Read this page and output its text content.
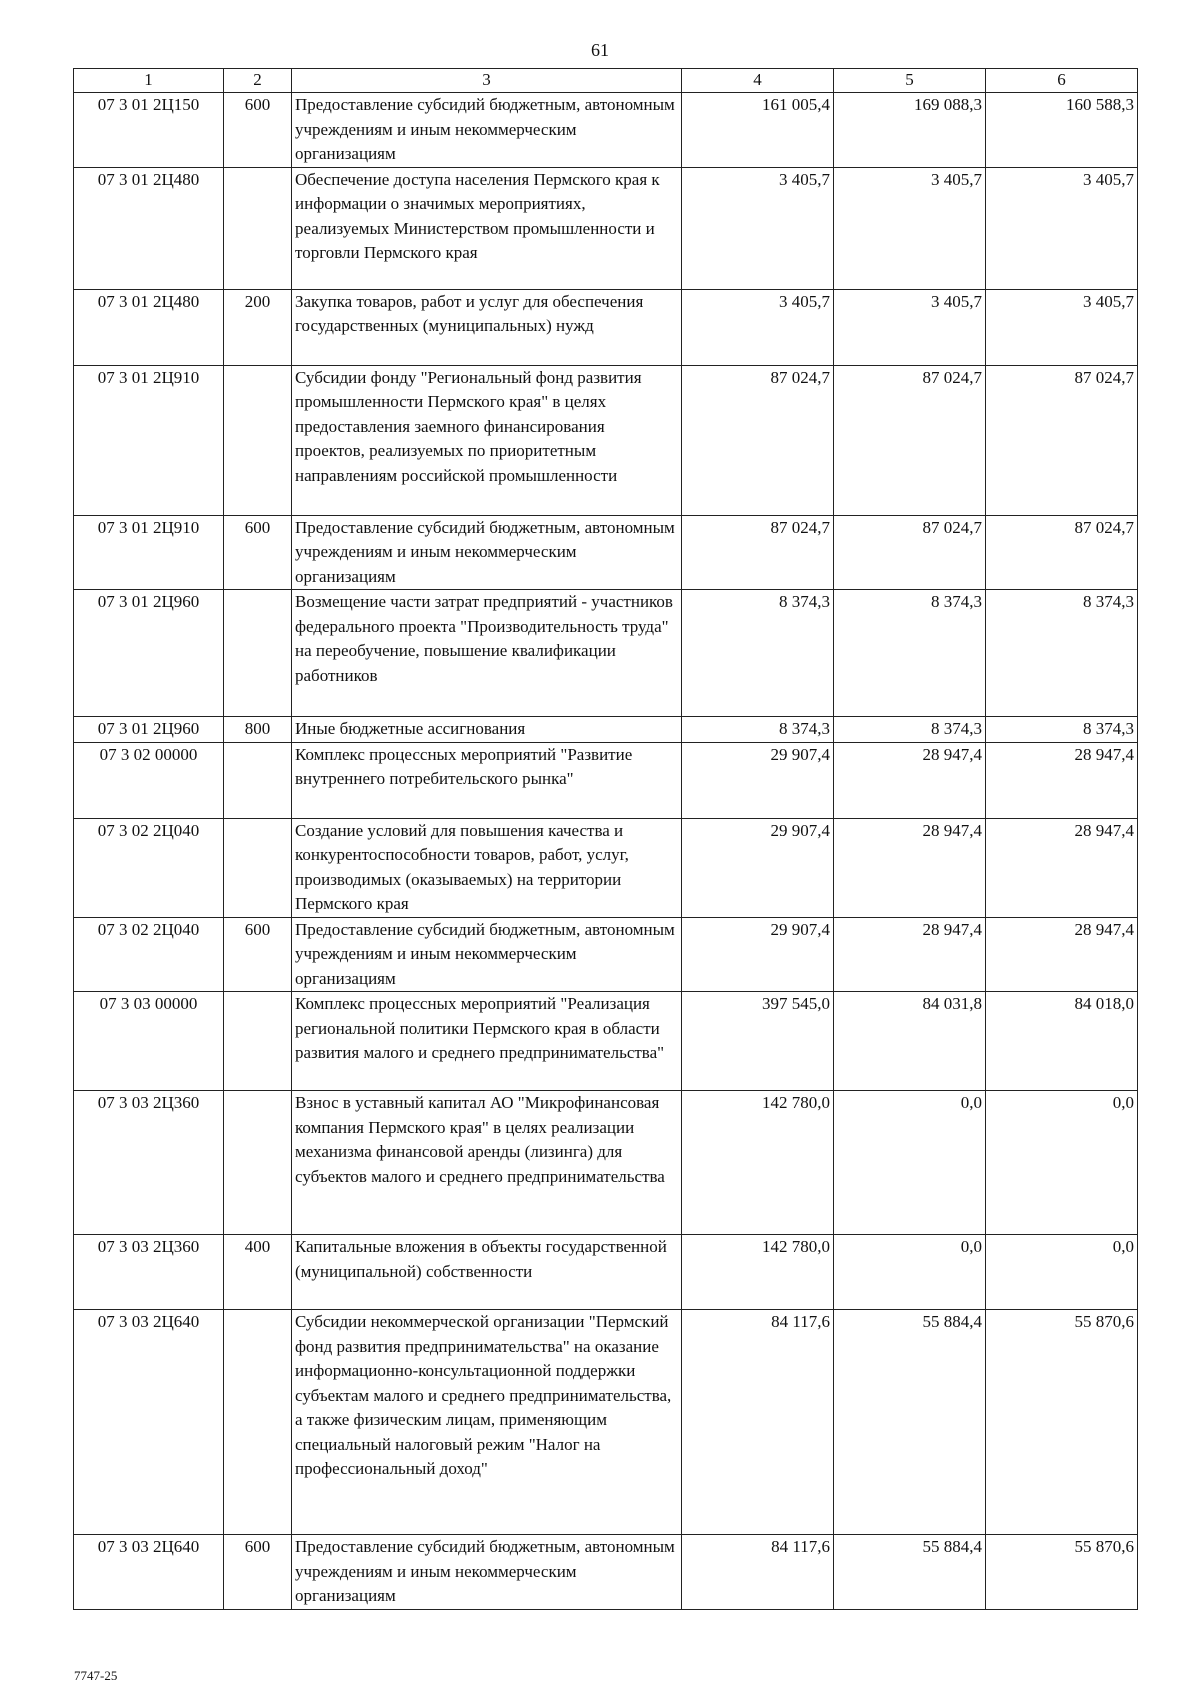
61
1	2	3	4	5	6
07 3 01 2Ц150	600	Предоставление субсидий бюджетным, автономным учреждениям и иным некоммерческим организациям	161 005,4	169 088,3	160 588,3
07 3 01 2Ц480		Обеспечение доступа населения Пермского края к информации о значимых мероприятиях, реализуемых Министерством промышленности и торговли Пермского края	3 405,7	3 405,7	3 405,7
07 3 01 2Ц480	200	Закупка товаров, работ и услуг для обеспечения государственных (муниципальных) нужд	3 405,7	3 405,7	3 405,7
07 3 01 2Ц910		Субсидии фонду "Региональный фонд развития промышленности Пермского края" в целях предоставления заемного финансирования проектов, реализуемых по приоритетным направлениям российской промышленности	87 024,7	87 024,7	87 024,7
07 3 01 2Ц910	600	Предоставление субсидий бюджетным, автономным учреждениям и иным некоммерческим организациям	87 024,7	87 024,7	87 024,7
07 3 01 2Ц960		Возмещение части затрат предприятий - участников федерального проекта "Производительность труда" на переобучение, повышение квалификации работников	8 374,3	8 374,3	8 374,3
07 3 01 2Ц960	800	Иные бюджетные ассигнования	8 374,3	8 374,3	8 374,3
07 3 02 00000		Комплекс процессных мероприятий "Развитие внутреннего потребительского рынка"	29 907,4	28 947,4	28 947,4
07 3 02 2Ц040		Создание условий для повышения качества и конкурентоспособности товаров, работ, услуг, производимых (оказываемых) на территории Пермского края	29 907,4	28 947,4	28 947,4
07 3 02 2Ц040	600	Предоставление субсидий бюджетным, автономным учреждениям и иным некоммерческим организациям	29 907,4	28 947,4	28 947,4
07 3 03 00000		Комплекс процессных мероприятий "Реализация региональной политики Пермского края в области развития малого и среднего предпринимательства"	397 545,0	84 031,8	84 018,0
07 3 03 2Ц360		Взнос в уставный капитал АО "Микрофинансовая компания Пермского края" в целях реализации механизма финансовой аренды (лизинга) для субъектов малого и среднего предпринимательства	142 780,0	0,0	0,0
07 3 03 2Ц360	400	Капитальные вложения в объекты государственной (муниципальной) собственности	142 780,0	0,0	0,0
07 3 03 2Ц640		Субсидии некоммерческой организации "Пермский фонд развития предпринимательства" на оказание информационно-консультационной поддержки субъектам малого и среднего предпринимательства, а также физическим лицам, применяющим специальный налоговый режим "Налог на профессиональный доход"	84 117,6	55 884,4	55 870,6
07 3 03 2Ц640	600	Предоставление субсидий бюджетным, автономным учреждениям и иным некоммерческим организациям	84 117,6	55 884,4	55 870,6
7747-25
